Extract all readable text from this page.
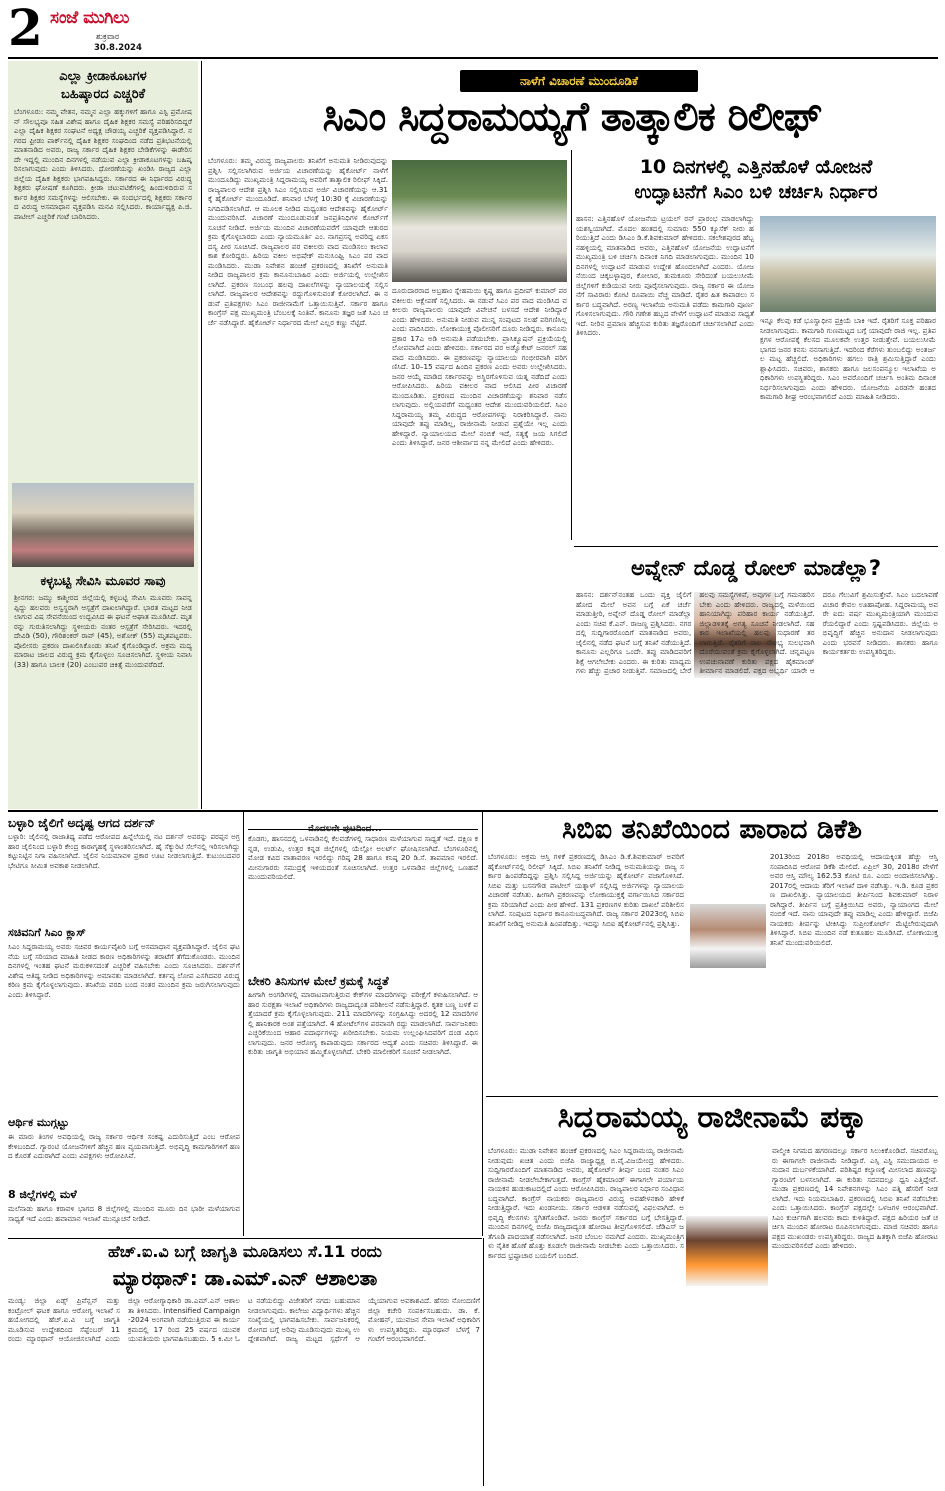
2 ಸಂಜೆ ಮುಗಿಲು
ಶುಕ್ರವಾರ
30.8.2024
ಎಲ್ಲಾ ಕ್ರೀಡಾಕೂಟಗಳ
ಬಹಿಷ್ಕಾರದ ಎಚ್ಚರಿಕೆ
ಬೆಂಗಳೂರು: ನಮ್ಮ ವೇತನ, ನಮ್ಮನ ಎಲ್ಲಾ ಹಕ್ಕುಗಳಿಗೆ ಹಾಗೂ ಎಸ್ಟಿ ಪ್ರಮೋಷನ್ ಸೌಲಭ್ಯವೂ ಸಹಿತ ವಿಶೇಷ ಹಾಗೂ ದೈಹಿಕ ಶಿಕ್ಷಕರ ಸಮಸ್ಯೆ ಪರಿಹರಿಸದಿದ್ದರೆ ಎಲ್ಲಾ ದೈಹಿಕ ಶಿಕ್ಷಕರ ಸಂಘಟನೆ ಅಧ್ಯಕ್ಷ ಚೌಡಯ್ಯ ಎಚ್ಚರಿಕೆ ವ್ಯಕ್ತಪಡಿಸಿದ್ದಾರೆ. ನಗರದ ಫ್ರೀಡಂ ಪಾರ್ಕ್‌ನಲ್ಲಿ ದೈಹಿಕ ಶಿಕ್ಷಕರ ಸಂಘದಿಂದ ನಡೆದ ಪ್ರತಿಭಟನೆಯಲ್ಲಿ ಮಾತನಾಡಿದ ಅವರು, ರಾಜ್ಯ ಸರ್ಕಾರ ದೈಹಿಕ ಶಿಕ್ಷಕರ ಬೇಡಿಕೆಗಳನ್ನು ಈಡೇರಿಸದೇ ಇದ್ದಲ್ಲಿ ಮುಂದಿನ ದಿನಗಳಲ್ಲಿ ನಡೆಯುವ ಎಲ್ಲಾ ಕ್ರೀಡಾಕೂಟಗಳನ್ನು ಬಹಿಷ್ಕರಿಸಲಾಗುವುದು ಎಂದು ತಿಳಿಸಿದರು. ಧೋರಣೆಯನ್ನು ಖಂಡಿಸಿ ರಾಜ್ಯದ ಎಲ್ಲಾ ಜಿಲ್ಲೆಯ ದೈಹಿಕ ಶಿಕ್ಷಕರು ಭಾಗವಹಿಸಿದ್ದರು. ಸರ್ಕಾರದ ಈ ನಿರ್ಧಾರದ ವಿರುದ್ಧ ಶಿಕ್ಷಕರು ಘೋಷಣೆ ಕೂಗಿದರು. ಕ್ರೀಡಾ ಚಟುವಟಿಕೆಗಳಲ್ಲಿ ಹಿಂದುಳಿದಿರುವ ಸರ್ಕಾರ ಶಿಕ್ಷಕರ ಸಮಸ್ಯೆಗಳನ್ನು ಆಲಿಸಬೇಕು. ಈ ಸಂದರ್ಭದಲ್ಲಿ ಶಿಕ್ಷಕರು ಸರ್ಕಾರದ ವಿರುದ್ಧ ಅಸಮಾಧಾನ ವ್ಯಕ್ತಪಡಿಸಿ ಮನವಿ ಸಲ್ಲಿಸಿದರು. ಕಾರ್ಯಾಧ್ಯಕ್ಷ ಪಿ.ಜಿ. ಪಾಟೀಲ್ ಎಚ್ಚರಿಕೆ ಗಂಟೆ ಬಾರಿಸಿದರು.
ಕಳ್ಳಬಟ್ಟಿ ಸೇವಿಸಿ ಮೂವರ ಸಾವು
ಶ್ರೀನಗರ: ಜಮ್ಮು ಕಾಶ್ಮೀರದ ಜಿಲ್ಲೆಯಲ್ಲಿ ಕಳ್ಳಬಟ್ಟಿ ಸೇವಿಸಿ ಮೂವರು ಸಾವನ್ನಪ್ಪಿದ್ದು ಹಲವರು ಅಸ್ವಸ್ಥರಾಗಿ ಆಸ್ಪತ್ರೆಗೆ ದಾಖಲಾಗಿದ್ದಾರೆ. ಭಾರತ ಮಟ್ಟದ ನೀಡಲಾಗುವ ವಿಷ ಸೇವನೆಯಿಂದ ಉದ್ಭವಿಸಿದ ಈ ಘಟನೆ ಆಘಾತ ಮೂಡಿಸಿದೆ. ಮೃತರನ್ನು ಗುರುತಿಸಲಾಗಿದ್ದು ಸ್ಥಳೀಯರು ನಂತರ ಆಸ್ಪತ್ರೆಗೆ ಸೇರಿಸಿದರು. ಇದರಲ್ಲಿ ದೇವಿಡಿ (50), ಗೌರಿಶಂಕರ್ ರಾವ್ (45), ಅಶೋಕ್ (55) ಮೃತಪಟ್ಟವರು. ಪೊಲೀಸರು ಪ್ರಕರಣ ದಾಖಲಿಸಿಕೊಂಡು ತನಿಖೆ ಕೈಗೊಂಡಿದ್ದಾರೆ. ಅಕ್ರಮ ಮದ್ಯ ಮಾರಾಟ ಜಾಲದ ವಿರುದ್ಧ ಕ್ರಮ ಕೈಗೊಳ್ಳಲು ಸೂಚಿಸಲಾಗಿದೆ. ಸ್ಥಳೀಯ ನಿವಾಸಿ (33) ಹಾಗೂ ಬಾಲಕ (20) ಎಂಬುವರ ಚಿಕಿತ್ಸೆ ಮುಂದುವರೆದಿದೆ.
ನಾಳೆಗೆ ವಿಚಾರಣೆ ಮುಂದೂಡಿಕೆ
ಸಿಎಂ ಸಿದ್ದರಾಮಯ್ಯಗೆ ತಾತ್ಕಾಲಿಕ ರಿಲೀಫ್
ಬೆಂಗಳೂರು: ತಮ್ಮ ವಿರುದ್ಧ ರಾಜ್ಯಪಾಲರು ತನಿಖೆಗೆ ಅನುಮತಿ ನೀಡಿರುವುದನ್ನು ಪ್ರಶ್ನಿಸಿ ಸಲ್ಲಿಸಲಾಗಿರುವ ಅರ್ಜಿಯ ವಿಚಾರಣೆಯನ್ನು ಹೈಕೋರ್ಟ್ ನಾಳೆಗೆ ಮುಂದೂಡಿದ್ದು ಮುಖ್ಯಮಂತ್ರಿ ಸಿದ್ದರಾಮಯ್ಯ ಅವರಿಗೆ ತಾತ್ಕಾಲಿಕ ರಿಲೀಫ್ ಸಿಕ್ಕಿದೆ. ರಾಜ್ಯಪಾಲರ ಆದೇಶ ಪ್ರಶ್ನಿಸಿ ಸಿಎಂ ಸಲ್ಲಿಸಿರುವ ಅರ್ಜಿ ವಿಚಾರಣೆಯನ್ನು ಆ.31 ಕ್ಕೆ ಹೈಕೋರ್ಟ್ ಮುಂದೂಡಿದೆ. ಶನಿವಾರ ಬೆಳಗ್ಗೆ 10:30 ಕ್ಕೆ ವಿಚಾರಣೆಯನ್ನು ನಿಗದಿಪಡಿಸಲಾಗಿದೆ. ಆ ಮೂಲಕ ನೀಡಿದ ಮಧ್ಯಂತರ ಆದೇಶವನ್ನು ಹೈಕೋರ್ಟ್ ಮುಂದುವರಿಸಿದೆ. ವಿಚಾರಣೆ ಮುಂದೂಡುವಂತೆ ಜನಪ್ರತಿನಿಧಿಗಳ ಕೋರ್ಟ್‌ಗೆ ಸೂಚನೆ ನೀಡಿದೆ. ಅರ್ಜಿಯ ಮುಂದಿನ ವಿಚಾರಣೆಯವರೆಗೆ ಯಾವುದೇ ಆತುರದ ಕ್ರಮ ಕೈಗೊಳ್ಳಬಾರದು ಎಂದು ನ್ಯಾಯಮೂರ್ತಿ ಎಂ. ನಾಗಪ್ರಸನ್ನ ಅವರಿದ್ದ ಏಕಸದಸ್ಯ ಪೀಠ ಸೂಚಿಸಿದೆ. ರಾಜ್ಯಪಾಲರ ಪರ ವಕೀಲರು ವಾದ ಮಂಡಿಸಲು ಕಾಲಾವಕಾಶ ಕೋರಿದ್ದರು. ಹಿರಿಯ ವಕೀಲ ಅಭಿಷೇಕ್ ಮನುಸಿಂಘ್ವಿ ಸಿಎಂ ಪರ ವಾದ ಮಂಡಿಸಿದರು. ಮುಡಾ ನಿವೇಶನ ಹಂಚಿಕೆ ಪ್ರಕರಣದಲ್ಲಿ ತನಿಖೆಗೆ ಅನುಮತಿ ನೀಡಿದ ರಾಜ್ಯಪಾಲರ ಕ್ರಮ ಕಾನೂನುಬಾಹಿರ ಎಂದು ಅರ್ಜಿಯಲ್ಲಿ ಉಲ್ಲೇಖಿಸಲಾಗಿದೆ. ಪ್ರಕರಣ ಸಂಬಂಧ ಹಲವು ದಾಖಲೆಗಳನ್ನು ನ್ಯಾಯಾಲಯಕ್ಕೆ ಸಲ್ಲಿಸಲಾಗಿದೆ. ರಾಜ್ಯಪಾಲರ ಆದೇಶವನ್ನು ರದ್ದುಗೊಳಿಸುವಂತೆ ಕೋರಲಾಗಿದೆ. ಈ ನಡುವೆ ಪ್ರತಿಪಕ್ಷಗಳು ಸಿಎಂ ರಾಜೀನಾಮೆಗೆ ಒತ್ತಾಯಿಸುತ್ತಿವೆ. ಸರ್ಕಾರ ಹಾಗೂ ಕಾಂಗ್ರೆಸ್ ಪಕ್ಷ ಮುಖ್ಯಮಂತ್ರಿ ಬೆಂಬಲಕ್ಕೆ ನಿಂತಿವೆ. ಕಾನೂನು ತಜ್ಞರ ಜತೆ ಸಿಎಂ ಚರ್ಚೆ ನಡೆಸಿದ್ದಾರೆ. ಹೈಕೋರ್ಟ್ ನಿರ್ಧಾರದ ಮೇಲೆ ಎಲ್ಲರ ಕಣ್ಣು ನೆಟ್ಟಿದೆ.
ದೂರುದಾರರಾದ ಅಬ್ರಹಾಂ ಸ್ನೇಹಮಯಿ ಕೃಷ್ಣ ಹಾಗೂ ಪ್ರದೀಪ್ ಕುಮಾರ್ ಪರ ವಕೀಲರು ಆಕ್ಷೇಪಣೆ ಸಲ್ಲಿಸಿದರು. ಈ ನಡುವೆ ಸಿಎಂ ಪರ ವಾದ ಮಂಡಿಸಿದ ವಕೀಲರು ರಾಜ್ಯಪಾಲರು ಯಾವುದೇ ವಿವೇಚನೆ ಬಳಸದೆ ಆದೇಶ ನೀಡಿದ್ದಾರೆ ಎಂದು ಹೇಳಿದರು. ಅನುಮತಿ ನೀಡುವ ಮುನ್ನ ಸಂಪುಟದ ಸಲಹೆ ಪರಿಗಣಿಸಿಲ್ಲ ಎಂದು ವಾದಿಸಿದರು. ಲೋಕಾಯುಕ್ತ ಪೊಲೀಸರಿಗೆ ದೂರು ನೀಡಿದ್ದರು. ಕಾನೂನು ಪ್ರಕಾರ 17ಎ ಅಡಿ ಅನುಮತಿ ಪಡೆಯಬೇಕು. ಪ್ರಾಸಿಕ್ಯೂಷನ್ ಪ್ರಕ್ರಿಯೆಯಲ್ಲಿ ಲೋಪವಾಗಿದೆ ಎಂದು ಹೇಳಿದರು. ಸರ್ಕಾರದ ಪರ ಅಡ್ವೊಕೇಟ್ ಜನರಲ್ ಸಹ ವಾದ ಮಂಡಿಸಿದರು. ಈ ಪ್ರಕರಣವನ್ನು ನ್ಯಾಯಾಲಯ ಗಂಭೀರವಾಗಿ ಪರಿಗಣಿಸಿದೆ. 10–15 ವರ್ಷದ ಹಿಂದಿನ ಪ್ರಕರಣ ಎಂದು ಅವರು ಉಲ್ಲೇಖಿಸಿದರು. ಜನರ ಆಯ್ಕೆ ಮಾಡಿದ ಸರ್ಕಾರವನ್ನು ಅಸ್ಥಿರಗೊಳಿಸುವ ಯತ್ನ ನಡೆದಿದೆ ಎಂದು ಆರೋಪಿಸಿದರು. ಹಿರಿಯ ವಕೀಲರ ವಾದ ಆಲಿಸಿದ ಪೀಠ ವಿಚಾರಣೆ ಮುಂದೂಡಿತು. ಪ್ರಕರಣದ ಮುಂದಿನ ವಿಚಾರಣೆಯನ್ನು ಶನಿವಾರ ನಡೆಸಲಾಗುವುದು. ಅಲ್ಲಿಯವರೆಗೆ ಮಧ್ಯಂತರ ಆದೇಶ ಮುಂದುವರಿಯಲಿದೆ. ಸಿಎಂ ಸಿದ್ದರಾಮಯ್ಯ ತಮ್ಮ ವಿರುದ್ಧದ ಆರೋಪಗಳನ್ನು ನಿರಾಕರಿಸಿದ್ದಾರೆ. ನಾನು ಯಾವುದೇ ತಪ್ಪು ಮಾಡಿಲ್ಲ, ರಾಜೀನಾಮೆ ನೀಡುವ ಪ್ರಶ್ನೆಯೇ ಇಲ್ಲ ಎಂದು ಹೇಳಿದ್ದಾರೆ. ನ್ಯಾಯಾಲಯದ ಮೇಲೆ ನಂಬಿಕೆ ಇದೆ, ಸತ್ಯಕ್ಕೆ ಜಯ ಸಿಗಲಿದೆ ಎಂದು ತಿಳಿಸಿದ್ದಾರೆ. ಜನರ ಆಶೀರ್ವಾದ ನನ್ನ ಮೇಲಿದೆ ಎಂದು ಹೇಳಿದರು.
10 ದಿನಗಳಲ್ಲಿ ಎತ್ತಿನಹೊಳೆ ಯೋಜನೆ
ಉದ್ಘಾಟನೆಗೆ ಸಿಎಂ ಬಳಿ ಚರ್ಚಿಸಿ ನಿರ್ಧಾರ
ಹಾಸನ: ಎತ್ತಿನಹೊಳೆ ಯೋಜನೆಯ ಟ್ರಯಲ್ ರನ್ ಪ್ರಾರಂಭ ಮಾಡಲಾಗಿದ್ದು ಯಶಸ್ವಿಯಾಗಿದೆ. ಮೊದಲ ಹಂತದಲ್ಲಿ ಸುಮಾರು 550 ಕ್ಯೂಸೆಕ್ ನೀರು ಹರಿಯುತ್ತಿದೆ ಎಂದು ಡಿಸಿಎಂ ಡಿ.ಕೆ.ಶಿವಕುಮಾರ್ ಹೇಳಿದರು. ಸಕಲೇಶಪುರದ ಹೆಬ್ಬನಹಳ್ಳಿಯಲ್ಲಿ ಮಾತನಾಡಿದ ಅವರು, ಎತ್ತಿನಹೊಳೆ ಯೋಜನೆಯ ಉದ್ಘಾಟನೆಗೆ ಮುಖ್ಯಮಂತ್ರಿ ಬಳಿ ಚರ್ಚಿಸಿ ದಿನಾಂಕ ನಿಗದಿ ಮಾಡಲಾಗುವುದು. ಮುಂದಿನ 10 ದಿನಗಳಲ್ಲಿ ಉದ್ಘಾಟನೆ ಮಾಡುವ ಉದ್ದೇಶ ಹೊಂದಲಾಗಿದೆ ಎಂದರು. ಯೋಜನೆಯಿಂದ ಚಿಕ್ಕಬಳ್ಳಾಪುರ, ಕೋಲಾರ, ತುಮಕೂರು ಸೇರಿದಂತೆ ಬಯಲುಸೀಮೆ ಜಿಲ್ಲೆಗಳಿಗೆ ಕುಡಿಯುವ ನೀರು ಪೂರೈಸಲಾಗುವುದು. ರಾಜ್ಯ ಸರ್ಕಾರ ಈ ಯೋಜನೆಗೆ ಸಾವಿರಾರು ಕೋಟಿ ರೂಪಾಯಿ ವೆಚ್ಚ ಮಾಡಿದೆ. ರೈತರ ಹಿತ ಕಾಪಾಡಲು ಸರ್ಕಾರ ಬದ್ಧವಾಗಿದೆ. ಅರಣ್ಯ ಇಲಾಖೆಯ ಅನುಮತಿ ಪಡೆದು ಕಾಮಗಾರಿ ಪೂರ್ಣಗೊಳಿಸಲಾಗುವುದು. ಗೌರಿ ಗಣೇಶ ಹಬ್ಬದ ವೇಳೆಗೆ ಉದ್ಘಾಟನೆ ಮಾಡುವ ಸಾಧ್ಯತೆ ಇದೆ. ನೀರಿನ ಪ್ರಮಾಣ ಹೆಚ್ಚಿಸುವ ಕುರಿತು ತಜ್ಞರೊಂದಿಗೆ ಚರ್ಚಿಸಲಾಗಿದೆ ಎಂದು ತಿಳಿಸಿದರು.
ಇನ್ನೂ ಕೆಲವು ಕಡೆ ಭೂಸ್ವಾಧೀನ ಪ್ರಕ್ರಿಯೆ ಬಾಕಿ ಇದೆ. ರೈತರಿಗೆ ಸೂಕ್ತ ಪರಿಹಾರ ನೀಡಲಾಗುವುದು. ಕಾಮಗಾರಿ ಗುಣಮಟ್ಟದ ಬಗ್ಗೆ ಯಾವುದೇ ರಾಜಿ ಇಲ್ಲ. ಪ್ರತಿಪಕ್ಷಗಳ ಆರೋಪಕ್ಕೆ ಕೆಲಸದ ಮೂಲಕವೇ ಉತ್ತರ ನೀಡುತ್ತೇವೆ. ಬಯಲುಸೀಮೆ ಭಾಗದ ಜನರ ಕನಸು ನನಸಾಗುತ್ತಿದೆ. ಇದರಿಂದ ಕೆರೆಗಳು ತುಂಬಲಿದ್ದು ಅಂತರ್ಜಲ ಮಟ್ಟ ಹೆಚ್ಚಲಿದೆ. ಅಧಿಕಾರಿಗಳು ಹಗಲು ರಾತ್ರಿ ಶ್ರಮಿಸುತ್ತಿದ್ದಾರೆ ಎಂದು ಶ್ಲಾಘಿಸಿದರು. ಸಚಿವರು, ಶಾಸಕರು ಹಾಗೂ ಜಲಸಂಪನ್ಮೂಲ ಇಲಾಖೆಯ ಅಧಿಕಾರಿಗಳು ಉಪಸ್ಥಿತರಿದ್ದರು. ಸಿಎಂ ಅವರೊಂದಿಗೆ ಚರ್ಚಿಸಿ ಅಂತಿಮ ದಿನಾಂಕ ನಿರ್ಧರಿಸಲಾಗುವುದು ಎಂದು ಹೇಳಿದರು. ಯೋಜನೆಯ ಎರಡನೇ ಹಂತದ ಕಾಮಗಾರಿ ಶೀಘ್ರ ಆರಂಭವಾಗಲಿದೆ ಎಂದು ಮಾಹಿತಿ ನೀಡಿದರು.
ಅವ್ನೇನ್ ದೊಡ್ಡ ರೋಲ್ ಮಾಡೆಲ್ಲಾ?
ಹಾಸನ: ದರ್ಶನ್‌ನಂತಹ ಒಂದು ವ್ಯಕ್ತಿ ಜೈಲಿಗೆ ಹೋದ ಮೇಲೆ ಅವನ ಬಗ್ಗೆ ಏಕೆ ಚರ್ಚೆ ಮಾಡುತ್ತೀರಿ, ಅವ್ನೇನ್ ದೊಡ್ಡ ರೋಲ್ ಮಾಡೆಲ್ಲಾ ಎಂದು ಸಚಿವ ಕೆ.ಎನ್. ರಾಜಣ್ಣ ಪ್ರಶ್ನಿಸಿದರು. ನಗರದಲ್ಲಿ ಸುದ್ದಿಗಾರರೊಂದಿಗೆ ಮಾತನಾಡಿದ ಅವರು, ಜೈಲಿನಲ್ಲಿ ನಡೆದ ಘಟನೆ ಬಗ್ಗೆ ತನಿಖೆ ನಡೆಯುತ್ತಿದೆ. ಕಾನೂನು ಎಲ್ಲರಿಗೂ ಒಂದೇ. ತಪ್ಪು ಮಾಡಿದವರಿಗೆ ಶಿಕ್ಷೆ ಆಗಲೇಬೇಕು ಎಂದರು. ಈ ಕುರಿತು ಮಾಧ್ಯಮಗಳು ಹೆಚ್ಚು ಪ್ರಚಾರ ನೀಡುತ್ತಿವೆ. ಸಮಾಜದಲ್ಲಿ ಬೇರೆ ಹಲವು ಸಮಸ್ಯೆಗಳಿವೆ, ಅವುಗಳ ಬಗ್ಗೆ ಗಮನಹರಿಸಬೇಕು ಎಂದು ಹೇಳಿದರು. ರಾಜ್ಯದಲ್ಲಿ ಮಳೆಯಿಂದ ಹಾನಿಯಾಗಿದ್ದು ಪರಿಹಾರ ಕಾರ್ಯ ನಡೆಯುತ್ತಿದೆ. ಜಿಲ್ಲಾಡಳಿತಕ್ಕೆ ಅಗತ್ಯ ಸೂಚನೆ ನೀಡಲಾಗಿದೆ. ಸಹಕಾರ ಇಲಾಖೆಯಲ್ಲಿ ಹಲವು ಸುಧಾರಣೆ ತರಲಾಗುತ್ತಿದೆ. ರೈತರಿಗೆ ಸಾಲ ಸೌಲಭ್ಯ ಸುಲಭವಾಗಿ ದೊರೆಯುವಂತೆ ಕ್ರಮ ಕೈಗೊಳ್ಳಲಾಗಿದೆ. ಚನ್ನಪಟ್ಟಣ ಉಪಚುನಾವಣೆ ಕುರಿತು ಪಕ್ಷದ ಹೈಕಮಾಂಡ್ ತೀರ್ಮಾನ ಮಾಡಲಿದೆ. ಪಕ್ಷದ ಅಭ್ಯರ್ಥಿ ಯಾರೇ ಆದರೂ ಗೆಲುವಿಗೆ ಶ್ರಮಿಸುತ್ತೇವೆ. ಸಿಎಂ ಬದಲಾವಣೆ ವಿಚಾರ ಕೇವಲ ಊಹಾಪೋಹ. ಸಿದ್ದರಾಮಯ್ಯ ಅವರೇ ಐದು ವರ್ಷ ಮುಖ್ಯಮಂತ್ರಿಯಾಗಿ ಮುಂದುವರೆಯಲಿದ್ದಾರೆ ಎಂದು ಸ್ಪಷ್ಟಪಡಿಸಿದರು. ಜಿಲ್ಲೆಯ ಅಭಿವೃದ್ಧಿಗೆ ಹೆಚ್ಚಿನ ಅನುದಾನ ನೀಡಲಾಗುವುದು ಎಂದು ಭರವಸೆ ನೀಡಿದರು. ಶಾಸಕರು ಹಾಗೂ ಕಾರ್ಯಕರ್ತರು ಉಪಸ್ಥಿತರಿದ್ದರು.
ಬಳ್ಳಾರಿ ಜೈಲಿಗೆ ಅದೃಷ್ಟ ಆಗದ ದರ್ಶನ್
ಬಳ್ಳಾರಿ: ಜೈಲಿನಲ್ಲಿ ರಾಜಾತಿಥ್ಯ ಪಡೆದ ಆರೋಪದ ಹಿನ್ನೆಲೆಯಲ್ಲಿ ನಟ ದರ್ಶನ್ ಅವರನ್ನು ಪರಪ್ಪನ ಅಗ್ರಹಾರ ಜೈಲಿನಿಂದ ಬಳ್ಳಾರಿ ಕೇಂದ್ರ ಕಾರಾಗೃಹಕ್ಕೆ ಸ್ಥಳಾಂತರಿಸಲಾಗಿದೆ. ಹೈ ಸೆಕ್ಯುರಿಟಿ ಸೆಲ್‌ನಲ್ಲಿ ಇರಿಸಲಾಗಿದ್ದು ಕಟ್ಟುನಿಟ್ಟಿನ ನಿಗಾ ವಹಿಸಲಾಗಿದೆ. ಜೈಲಿನ ನಿಯಮಾವಳಿ ಪ್ರಕಾರ ಊಟ ನೀಡಲಾಗುತ್ತಿದೆ. ಕುಟುಂಬದವರ ಭೇಟಿಗೂ ಸೀಮಿತ ಅವಕಾಶ ನೀಡಲಾಗಿದೆ.
ಸಚಿವನಿಗೆ ಸಿಎಂ ಕ್ಲಾಸ್
ಸಿಎಂ ಸಿದ್ದರಾಮಯ್ಯ ಅವರು ಸಚಿವರ ಕಾರ್ಯವೈಖರಿ ಬಗ್ಗೆ ಅಸಮಾಧಾನ ವ್ಯಕ್ತಪಡಿಸಿದ್ದಾರೆ. ಜೈಲಿನ ಘಟನೆಯ ಬಗ್ಗೆ ಸರಿಯಾದ ಮಾಹಿತಿ ನೀಡದ ಕಾರಣ ಅಧಿಕಾರಿಗಳನ್ನು ತರಾಟೆಗೆ ತೆಗೆದುಕೊಂಡರು. ಮುಂದಿನ ದಿನಗಳಲ್ಲಿ ಇಂತಹ ಘಟನೆ ಮರುಕಳಿಸದಂತೆ ಎಚ್ಚರಿಕೆ ವಹಿಸಬೇಕು ಎಂದು ಸೂಚಿಸಿದರು. ದರ್ಶನ್‌ಗೆ ವಿಶೇಷ ಆತಿಥ್ಯ ನೀಡಿದ ಅಧಿಕಾರಿಗಳನ್ನು ಅಮಾನತು ಮಾಡಲಾಗಿದೆ. ಕರ್ತವ್ಯ ಲೋಪ ಎಸಗಿದವರ ವಿರುದ್ಧ ಕಠಿಣ ಕ್ರಮ ಕೈಗೊಳ್ಳಲಾಗುವುದು. ತನಿಖೆಯ ವರದಿ ಬಂದ ನಂತರ ಮುಂದಿನ ಕ್ರಮ ಜರುಗಿಸಲಾಗುವುದು ಎಂದು ತಿಳಿಸಿದ್ದಾರೆ.
ಆರ್ಥಿಕ ಮುಗ್ಗಟ್ಟು
ಈ ಮಾರು ತಿಂಗಳ ಅವಧಿಯಲ್ಲಿ ರಾಜ್ಯ ಸರ್ಕಾರ ಆರ್ಥಿಕ ಸಂಕಷ್ಟ ಎದುರಿಸುತ್ತಿದೆ ಎಂಬ ಆರೋಪ ಕೇಳಿಬಂದಿದೆ. ಗ್ಯಾರಂಟಿ ಯೋಜನೆಗಳಿಗೆ ಹೆಚ್ಚಿನ ಹಣ ವ್ಯಯವಾಗುತ್ತಿದೆ. ಅಭಿವೃದ್ಧಿ ಕಾಮಗಾರಿಗಳಿಗೆ ಹಣದ ಕೊರತೆ ಎದುರಾಗಿದೆ ಎಂದು ವಿಪಕ್ಷಗಳು ಆರೋಪಿಸಿವೆ.
8 ಜಿಲ್ಲೆಗಳಲ್ಲಿ ಮಳೆ
ಮಲೆನಾಡು ಹಾಗೂ ಕರಾವಳಿ ಭಾಗದ 8 ಜಿಲ್ಲೆಗಳಲ್ಲಿ ಮುಂದಿನ ಮೂರು ದಿನ ಭಾರೀ ಮಳೆಯಾಗುವ ಸಾಧ್ಯತೆ ಇದೆ ಎಂದು ಹವಾಮಾನ ಇಲಾಖೆ ಮುನ್ಸೂಚನೆ ನೀಡಿದೆ.
ಮೊದಲನೇ ಪುಟದಿಂದ...
ಕೊಡಗು, ಹಾಸನದಲ್ಲಿ ಒಳನಾಡಿನಲ್ಲಿ ಕೆಲವಡೆಗಳಲ್ಲಿ ಸಾಧಾರಣ ಮಳೆಯಾಗುವ ಸಾಧ್ಯತೆ ಇದೆ. ದಕ್ಷಿಣ ಕನ್ನಡ, ಉಡುಪಿ, ಉತ್ತರ ಕನ್ನಡ ಜಿಲ್ಲೆಗಳಲ್ಲಿ ಯೆಲ್ಲೋ ಅಲರ್ಟ್ ಘೋಷಿಸಲಾಗಿದೆ. ಬೆಂಗಳೂರಿನಲ್ಲಿ ಮೋಡ ಕವಿದ ವಾತಾವರಣ ಇರಲಿದ್ದು ಗರಿಷ್ಠ 28 ಹಾಗೂ ಕನಿಷ್ಠ 20 ಡಿ.ಸೆ. ತಾಪಮಾನ ಇರಲಿದೆ. ಮೀನುಗಾರರು ಸಮುದ್ರಕ್ಕೆ ಇಳಿಯದಂತೆ ಸೂಚಿಸಲಾಗಿದೆ. ಉತ್ತರ ಒಳನಾಡಿನ ಜಿಲ್ಲೆಗಳಲ್ಲಿ ಒಣಹವೆ ಮುಂದುವರಿಯಲಿದೆ.
ಬೇಕರಿ ತಿನಿಸುಗಳ ಮೇಲೆ ಕ್ರಮಕ್ಕೆ ಸಿದ್ಧತೆ
ಹೀಗಾಗಿ ಅಂಗಡಿಗಳಲ್ಲಿ ಮಾರಾಟವಾಗುತ್ತಿರುವ ಕೇಕ್‌ಗಳ ಮಾದರಿಗಳನ್ನು ಪರೀಕ್ಷೆಗೆ ಕಳುಹಿಸಲಾಗಿದೆ. ಆಹಾರ ಸುರಕ್ಷತಾ ಇಲಾಖೆ ಅಧಿಕಾರಿಗಳು ರಾಜ್ಯದಾದ್ಯಂತ ಪರಿಶೀಲನೆ ನಡೆಸುತ್ತಿದ್ದಾರೆ. ಕೃತಕ ಬಣ್ಣ ಬಳಕೆ ಪತ್ತೆಯಾದರೆ ಕ್ರಮ ಕೈಗೊಳ್ಳಲಾಗುವುದು. 211 ಮಾದರಿಗಳನ್ನು ಸಂಗ್ರಹಿಸಿದ್ದು ಅದರಲ್ಲಿ 12 ಮಾದರಿಗಳಲ್ಲಿ ಹಾನಿಕಾರಕ ಅಂಶ ಪತ್ತೆಯಾಗಿದೆ. 4 ಹೋಟೆಲ್‌ಗಳ ಪರವಾನಗಿ ರದ್ದು ಮಾಡಲಾಗಿದೆ. ಸಾರ್ವಜನಿಕರು ಎಚ್ಚರಿಕೆಯಿಂದ ಆಹಾರ ಪದಾರ್ಥಗಳನ್ನು ಖರೀದಿಸಬೇಕು. ನಿಯಮ ಉಲ್ಲಂಘಿಸಿದವರಿಗೆ ದಂಡ ವಿಧಿಸಲಾಗುವುದು. ಜನರ ಆರೋಗ್ಯ ಕಾಪಾಡುವುದು ಸರ್ಕಾರದ ಆದ್ಯತೆ ಎಂದು ಸಚಿವರು ತಿಳಿಸಿದ್ದಾರೆ. ಈ ಕುರಿತು ಜಾಗೃತಿ ಅಭಿಯಾನ ಹಮ್ಮಿಕೊಳ್ಳಲಾಗಿದೆ. ಬೇಕರಿ ಮಾಲೀಕರಿಗೆ ಸೂಚನೆ ನೀಡಲಾಗಿದೆ.
ಸಿಬಿಐ ತನಿಖೆಯಿಂದ ಪಾರಾದ ಡಿಕೆಶಿ
ಬೆಂಗಳೂರು: ಅಕ್ರಮ ಆಸ್ತಿ ಗಳಿಕೆ ಪ್ರಕರಣದಲ್ಲಿ ಡಿಸಿಎಂ ಡಿ.ಕೆ.ಶಿವಕುಮಾರ್ ಅವರಿಗೆ ಹೈಕೋರ್ಟ್‌ನಲ್ಲಿ ರಿಲೀಫ್ ಸಿಕ್ಕಿದೆ. ಸಿಬಿಐ ತನಿಖೆಗೆ ನೀಡಿದ್ದ ಅನುಮತಿಯನ್ನು ರಾಜ್ಯ ಸರ್ಕಾರ ಹಿಂಪಡೆದಿದ್ದನ್ನು ಪ್ರಶ್ನಿಸಿ ಸಲ್ಲಿಸಿದ್ದ ಅರ್ಜಿಯನ್ನು ಹೈಕೋರ್ಟ್ ವಜಾಗೊಳಿಸಿದೆ. ಸಿಬಿಐ ಮತ್ತು ಬಸನಗೌಡ ಪಾಟೀಲ್ ಯತ್ನಾಳ್ ಸಲ್ಲಿಸಿದ್ದ ಅರ್ಜಿಗಳನ್ನು ನ್ಯಾಯಾಲಯ ವಿಚಾರಣೆ ನಡೆಸಿತು. ಹೀಗಾಗಿ ಪ್ರಕರಣವನ್ನು ಲೋಕಾಯುಕ್ತಕ್ಕೆ ವರ್ಗಾಯಿಸಿದ ಸರ್ಕಾರದ ಕ್ರಮ ಸರಿಯಾಗಿದೆ ಎಂದು ಪೀಠ ಹೇಳಿದೆ. 131 ಪ್ರಕರಣಗಳ ಕುರಿತು ದಾಖಲೆ ಪರಿಶೀಲಿಸಲಾಗಿದೆ. ಸಂಪುಟದ ನಿರ್ಧಾರ ಕಾನೂನುಬದ್ಧವಾಗಿದೆ. ರಾಜ್ಯ ಸರ್ಕಾರ 2023ರಲ್ಲಿ ಸಿಬಿಐ ತನಿಖೆಗೆ ನೀಡಿದ್ದ ಅನುಮತಿ ಹಿಂಪಡೆದಿತ್ತು. ಇದನ್ನು ಸಿಬಿಐ ಹೈಕೋರ್ಟ್‌ನಲ್ಲಿ ಪ್ರಶ್ನಿಸಿತ್ತು.
2013ರಿಂದ 2018ರ ಅವಧಿಯಲ್ಲಿ ಆದಾಯಕ್ಕಿಂತ ಹೆಚ್ಚು ಆಸ್ತಿ ಸಂಪಾದಿಸಿದ ಆರೋಪ ಡಿಕೆಶಿ ಮೇಲಿದೆ. ಏಪ್ರಿಲ್ 30, 2018ರ ವೇಳೆಗೆ ಅವರ ಆಸ್ತಿ ಮೌಲ್ಯ 162.53 ಕೋಟಿ ರೂ. ಎಂದು ಅಂದಾಜಿಸಲಾಗಿತ್ತು. 2017ರಲ್ಲಿ ಆದಾಯ ತೆರಿಗೆ ಇಲಾಖೆ ದಾಳಿ ನಡೆಸಿತ್ತು. ಇ.ಡಿ. ಕೂಡ ಪ್ರಕರಣ ದಾಖಲಿಸಿತ್ತು. ನ್ಯಾಯಾಲಯದ ತೀರ್ಪಿನಿಂದ ಶಿವಕುಮಾರ್ ನಿರಾಳರಾಗಿದ್ದಾರೆ. ತೀರ್ಪಿನ ಬಗ್ಗೆ ಪ್ರತಿಕ್ರಿಯಿಸಿದ ಅವರು, ನ್ಯಾಯಾಂಗದ ಮೇಲೆ ನಂಬಿಕೆ ಇದೆ. ನಾನು ಯಾವುದೇ ತಪ್ಪು ಮಾಡಿಲ್ಲ ಎಂದು ಹೇಳಿದ್ದಾರೆ. ಬಿಜೆಪಿ ನಾಯಕರು ತೀರ್ಪನ್ನು ಟೀಕಿಸಿದ್ದು ಸುಪ್ರೀಂಕೋರ್ಟ್ ಮೆಟ್ಟಿಲೇರುವುದಾಗಿ ತಿಳಿಸಿದ್ದಾರೆ. ಸಿಬಿಐ ಮುಂದಿನ ನಡೆ ಕುತೂಹಲ ಮೂಡಿಸಿದೆ. ಲೋಕಾಯುಕ್ತ ತನಿಖೆ ಮುಂದುವರಿಯಲಿದೆ.
ಸಿದ್ದರಾಮಯ್ಯ ರಾಜೀನಾಮೆ ಪಕ್ಕಾ
ಬೆಂಗಳೂರು: ಮುಡಾ ನಿವೇಶನ ಹಂಚಿಕೆ ಪ್ರಕರಣದಲ್ಲಿ ಸಿಎಂ ಸಿದ್ದರಾಮಯ್ಯ ರಾಜೀನಾಮೆ ನೀಡುವುದು ಖಚಿತ ಎಂದು ಬಿಜೆಪಿ ರಾಜ್ಯಾಧ್ಯಕ್ಷ ಬಿ.ವೈ.ವಿಜಯೇಂದ್ರ ಹೇಳಿದರು. ಸುದ್ದಿಗಾರರೊಂದಿಗೆ ಮಾತನಾಡಿದ ಅವರು, ಹೈಕೋರ್ಟ್ ತೀರ್ಪು ಬಂದ ನಂತರ ಸಿಎಂ ರಾಜೀನಾಮೆ ನೀಡಲೇಬೇಕಾಗುತ್ತದೆ. ಕಾಂಗ್ರೆಸ್ ಹೈಕಮಾಂಡ್ ಈಗಾಗಲೇ ಪರ್ಯಾಯ ನಾಯಕನ ಹುಡುಕಾಟದಲ್ಲಿದೆ ಎಂದು ಆರೋಪಿಸಿದರು. ರಾಜ್ಯಪಾಲರ ನಿರ್ಧಾರ ಸಂವಿಧಾನಬದ್ಧವಾಗಿದೆ. ಕಾಂಗ್ರೆಸ್ ನಾಯಕರು ರಾಜ್ಯಪಾಲರ ವಿರುದ್ಧ ಅವಹೇಳನಕಾರಿ ಹೇಳಿಕೆ ನೀಡುತ್ತಿದ್ದಾರೆ. ಇದು ಖಂಡನೀಯ. ಸರ್ಕಾರ ಆಡಳಿತ ನಡೆಸುವಲ್ಲಿ ವಿಫಲವಾಗಿದೆ. ಅಭಿವೃದ್ಧಿ ಕೆಲಸಗಳು ಸ್ಥಗಿತಗೊಂಡಿವೆ. ಜನರು ಕಾಂಗ್ರೆಸ್ ಸರ್ಕಾರದ ಬಗ್ಗೆ ಬೇಸತ್ತಿದ್ದಾರೆ. ಮುಂದಿನ ದಿನಗಳಲ್ಲಿ ಬಿಜೆಪಿ ರಾಜ್ಯದಾದ್ಯಂತ ಹೋರಾಟ ತೀವ್ರಗೊಳಿಸಲಿದೆ. ಜೆಡಿಎಸ್ ಜತೆಗೂಡಿ ಪಾದಯಾತ್ರೆ ನಡೆಸಲಾಗಿದೆ. ಜನರ ಬೆಂಬಲ ನಮಗಿದೆ ಎಂದರು. ಮುಖ್ಯಮಂತ್ರಿಗಳು ನೈತಿಕ ಹೊಣೆ ಹೊತ್ತು ಕೂಡಲೇ ರಾಜೀನಾಮೆ ನೀಡಬೇಕು ಎಂದು ಒತ್ತಾಯಿಸಿದರು. ಸರ್ಕಾರದ ಭ್ರಷ್ಟಾಚಾರ ಬಯಲಿಗೆ ಬಂದಿದೆ.
ವಾಲ್ಮೀಕಿ ನಿಗಮದ ಹಗರಣದಲ್ಲೂ ಸರ್ಕಾರ ಸಿಲುಕಿಕೊಂಡಿದೆ. ಸಚಿವರೊಬ್ಬರು ಈಗಾಗಲೇ ರಾಜೀನಾಮೆ ನೀಡಿದ್ದಾರೆ. ಎಸ್ಸಿ ಎಸ್ಟಿ ಸಮುದಾಯದ ಅನುದಾನ ದುರ್ಬಳಕೆಯಾಗಿದೆ. ಪರಿಶಿಷ್ಟರ ಕಲ್ಯಾಣಕ್ಕೆ ಮೀಸಲಾದ ಹಣವನ್ನು ಗ್ಯಾರಂಟಿಗೆ ಬಳಸಲಾಗಿದೆ. ಈ ಕುರಿತು ಸದನದಲ್ಲೂ ಧ್ವನಿ ಎತ್ತಿದ್ದೇವೆ. ಮುಡಾ ಪ್ರಕರಣದಲ್ಲಿ 14 ನಿವೇಶನಗಳನ್ನು ಸಿಎಂ ಪತ್ನಿ ಹೆಸರಿಗೆ ನೀಡಲಾಗಿದೆ. ಇದು ನಿಯಮಬಾಹಿರ. ಪ್ರಕರಣದಲ್ಲಿ ಸಿಬಿಐ ತನಿಖೆ ನಡೆಸಬೇಕು ಎಂದು ಒತ್ತಾಯಿಸಿದರು. ಕಾಂಗ್ರೆಸ್ ಪಕ್ಷದಲ್ಲೇ ಒಳಜಗಳ ಆರಂಭವಾಗಿದೆ. ಸಿಎಂ ಕುರ್ಚಿಗಾಗಿ ಹಲವರು ಕಾದು ಕುಳಿತಿದ್ದಾರೆ. ಪಕ್ಷದ ಹಿರಿಯರ ಜತೆ ಚರ್ಚಿಸಿ ಮುಂದಿನ ಹೋರಾಟ ರೂಪಿಸಲಾಗುವುದು. ಮಾಜಿ ಸಚಿವರು ಹಾಗೂ ಪಕ್ಷದ ಮುಖಂಡರು ಉಪಸ್ಥಿತರಿದ್ದರು. ರಾಜ್ಯದ ಹಿತಕ್ಕಾಗಿ ಬಿಜೆಪಿ ಹೋರಾಟ ಮುಂದುವರಿಸಲಿದೆ ಎಂದು ಹೇಳಿದರು.
ಹೆಚ್.ಐ.ವಿ ಬಗ್ಗೆ ಜಾಗೃತಿ ಮೂಡಿಸಲು ಸೆ.11 ರಂದು
ಮ್ಯಾರಥಾನ್: ಡಾ.ಎಮ್.ಎನ್ ಆಶಾಲತಾ
ಮಂಡ್ಯ: ಜಿಲ್ಲಾ ಏಡ್ಸ್ ಪ್ರಿವೆನ್ಷನ್ ಮತ್ತು ಕಂಟ್ರೋಲ್ ಘಟಕ ಹಾಗೂ ಆರೋಗ್ಯ ಇಲಾಖೆ ಸಹಯೋಗದಲ್ಲಿ ಹೆಚ್.ಐ.ವಿ ಬಗ್ಗೆ ಜಾಗೃತಿ ಮೂಡಿಸುವ ಉದ್ದೇಶದಿಂದ ಸೆಪ್ಟೆಂಬರ್ 11 ರಂದು ಮ್ಯಾರಥಾನ್ ಆಯೋಜಿಸಲಾಗಿದೆ ಎಂದು ಜಿಲ್ಲಾ ಆರೋಗ್ಯಾಧಿಕಾರಿ ಡಾ.ಎಮ್.ಎನ್ ಆಶಾಲತಾ ತಿಳಿಸಿದರು. Intensified Campaign -2024 ಅಂಗವಾಗಿ ನಡೆಯುತ್ತಿರುವ ಈ ಕಾರ್ಯಕ್ರಮದಲ್ಲಿ 17 ರಿಂದ 25 ವರ್ಷದ ಯುವಕ ಯುವತಿಯರು ಭಾಗವಹಿಸಬಹುದು. 5 ಕಿ.ಮೀ ಓಟ ನಡೆಯಲಿದ್ದು ವಿಜೇತರಿಗೆ ನಗದು ಬಹುಮಾನ ನೀಡಲಾಗುವುದು. ಕಾಲೇಜು ವಿದ್ಯಾರ್ಥಿಗಳು ಹೆಚ್ಚಿನ ಸಂಖ್ಯೆಯಲ್ಲಿ ಭಾಗವಹಿಸಬೇಕು. ಸಾರ್ವಜನಿಕರಲ್ಲಿ ರೋಗದ ಬಗ್ಗೆ ಅರಿವು ಮೂಡಿಸುವುದು ಮುಖ್ಯ ಉದ್ದೇಶವಾಗಿದೆ. ರಾಜ್ಯ ಮಟ್ಟದ ಸ್ಪರ್ಧೆಗೆ ಆಯ್ಕೆಯಾಗುವ ಅವಕಾಶವಿದೆ. ಹೆಸರು ನೋಂದಣಿಗೆ ಜಿಲ್ಲಾ ಕಚೇರಿ ಸಂಪರ್ಕಿಸಬಹುದು. ಡಾ. ಕೆ. ಮೋಹನ್, ಯುವಜನ ಸೇವಾ ಇಲಾಖೆ ಅಧಿಕಾರಿಗಳು ಉಪಸ್ಥಿತರಿದ್ದರು. ಮ್ಯಾರಥಾನ್ ಬೆಳಗ್ಗೆ 7 ಗಂಟೆಗೆ ಆರಂಭವಾಗಲಿದೆ.
